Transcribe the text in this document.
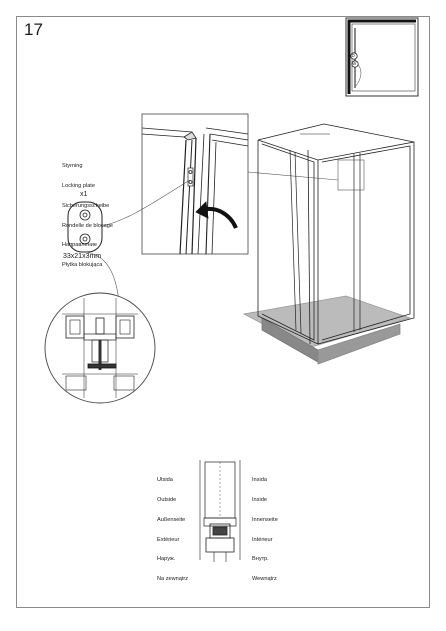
17

Styrning

Locking plate

Sicherungsscheibe

Rondelle de blocage

Направление

Płytka blokująca

x1
33x21x3mm
D
W

Utsida

Outside

Außenseite

Extérieur

Наруж.

Na zewnątrz

Insida

Inside

Innenseite

Intérieur

Внутр.

Wewnątrz
